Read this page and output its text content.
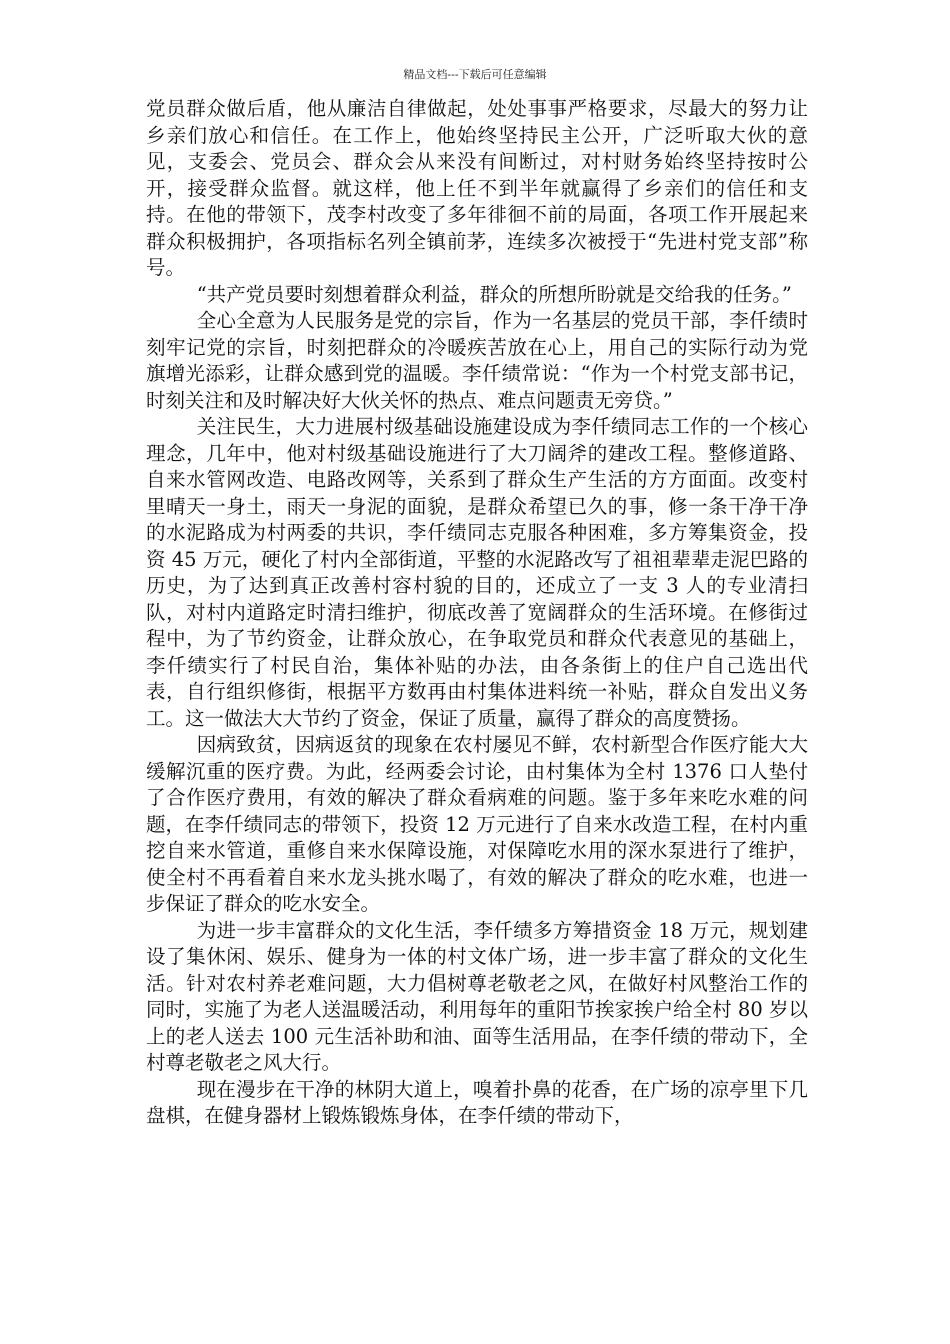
精品文档---下载后可任意编辑

党员群众做后盾，他从廉洁自律做起，处处事事严格要求，尽最大的努力让乡亲们放心和信任。在工作上，他始终坚持民主公开，广泛听取大伙的意见，支委会、党员会、群众会从来没有间断过，对村财务始终坚持按时公开，接受群众监督。就这样，他上任不到半年就赢得了乡亲们的信任和支持。在他的带领下，茂李村改变了多年徘徊不前的局面，各项工作开展起来群众积极拥护，各项指标名列全镇前茅，连续多次被授于“先进村党支部”称号。

“共产党员要时刻想着群众利益，群众的所想所盼就是交给我的任务。”

全心全意为人民服务是党的宗旨，作为一名基层的党员干部，李仟绩时刻牢记党的宗旨，时刻把群众的冷暖疾苦放在心上，用自己的实际行动为党旗增光添彩，让群众感到党的温暖。李仟绩常说：“作为一个村党支部书记，时刻关注和及时解决好大伙关怀的热点、难点问题责无旁贷。”

关注民生，大力进展村级基础设施建设成为李仟绩同志工作的一个核心理念，几年中，他对村级基础设施进行了大刀阔斧的建改工程。整修道路、自来水管网改造、电路改网等，关系到了群众生产生活的方方面面。改变村里晴天一身土，雨天一身泥的面貌，是群众希望已久的事，修一条干净干净的水泥路成为村两委的共识，李仟绩同志克服各种困难，多方筹集资金，投资 45 万元，硬化了村内全部街道，平整的水泥路改写了祖祖辈辈走泥巴路的历史，为了达到真正改善村容村貌的目的，还成立了一支 3 人的专业清扫队，对村内道路定时清扫维护，彻底改善了宽阔群众的生活环境。在修街过程中，为了节约资金，让群众放心，在争取党员和群众代表意见的基础上，李仟绩实行了村民自治，集体补贴的办法，由各条街上的住户自己选出代表，自行组织修街，根据平方数再由村集体进料统一补贴，群众自发出义务工。这一做法大大节约了资金，保证了质量，赢得了群众的高度赞扬。

因病致贫，因病返贫的现象在农村屡见不鲜，农村新型合作医疗能大大缓解沉重的医疗费。为此，经两委会讨论，由村集体为全村 1376 口人垫付了合作医疗费用，有效的解决了群众看病难的问题。鉴于多年来吃水难的问题，在李仟绩同志的带领下，投资 12 万元进行了自来水改造工程，在村内重挖自来水管道，重修自来水保障设施，对保障吃水用的深水泵进行了维护，使全村不再看着自来水龙头挑水喝了，有效的解决了群众的吃水难，也进一步保证了群众的吃水安全。

为进一步丰富群众的文化生活，李仟绩多方筹措资金 18 万元，规划建设了集休闲、娱乐、健身为一体的村文体广场，进一步丰富了群众的文化生活。针对农村养老难问题，大力倡树尊老敬老之风，在做好村风整治工作的同时，实施了为老人送温暖活动，利用每年的重阳节挨家挨户给全村 80 岁以上的老人送去 100 元生活补助和油、面等生活用品，在李仟绩的带动下，全村尊老敬老之风大行。

现在漫步在干净的林阴大道上，嗅着扑鼻的花香，在广场的凉亭里下几盘棋，在健身器材上锻炼锻炼身体，在李仟绩的带动下，
